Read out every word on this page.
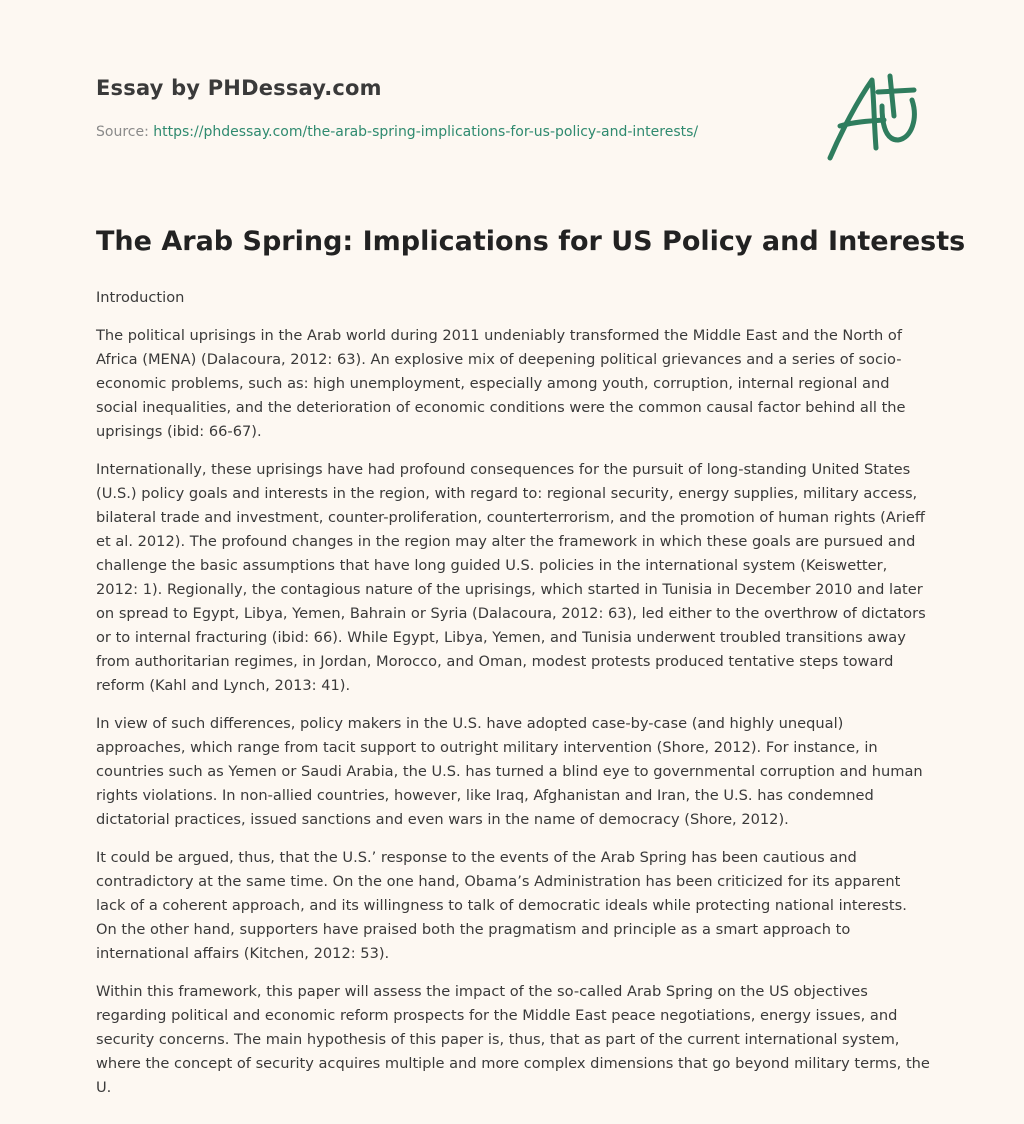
Essay by PHDessay.com
Source: https://phdessay.com/the-arab-spring-implications-for-us-policy-and-interests/
The Arab Spring: Implications for US Policy and Interests

Introduction

The political uprisings in the Arab world during 2011 undeniably transformed the Middle East and the North of Africa (MENA) (Dalacoura, 2012: 63). An explosive mix of deepening political grievances and a series of socio-economic problems, such as: high unemployment, especially among youth, corruption, internal regional and social inequalities, and the deterioration of economic conditions were the common causal factor behind all the uprisings (ibid: 66-67).

Internationally, these uprisings have had profound consequences for the pursuit of long-standing United States (U.S.) policy goals and interests in the region, with regard to: regional security, energy supplies, military access, bilateral trade and investment, counter-proliferation, counterterrorism, and the promotion of human rights (Arieff et al. 2012). The profound changes in the region may alter the framework in which these goals are pursued and challenge the basic assumptions that have long guided U.S. policies in the international system (Keiswetter, 2012: 1). Regionally, the contagious nature of the uprisings, which started in Tunisia in December 2010 and later on spread to Egypt, Libya, Yemen, Bahrain or Syria (Dalacoura, 2012: 63), led either to the overthrow of dictators or to internal fracturing (ibid: 66). While Egypt, Libya, Yemen, and Tunisia underwent troubled transitions away from authoritarian regimes, in Jordan, Morocco, and Oman, modest protests produced tentative steps toward reform (Kahl and Lynch, 2013: 41).

In view of such differences, policy makers in the U.S. have adopted case-by-case (and highly unequal) approaches, which range from tacit support to outright military intervention (Shore, 2012). For instance, in countries such as Yemen or Saudi Arabia, the U.S. has turned a blind eye to governmental corruption and human rights violations. In non-allied countries, however, like Iraq, Afghanistan and Iran, the U.S. has condemned dictatorial practices, issued sanctions and even wars in the name of democracy (Shore, 2012).

It could be argued, thus, that the U.S.’ response to the events of the Arab Spring has been cautious and contradictory at the same time. On the one hand, Obama’s Administration has been criticized for its apparent lack of a coherent approach, and its willingness to talk of democratic ideals while protecting national interests. On the other hand, supporters have praised both the pragmatism and principle as a smart approach to international affairs (Kitchen, 2012: 53).

Within this framework, this paper will assess the impact of the so-called Arab Spring on the US objectives regarding political and economic reform prospects for the Middle East peace negotiations, energy issues, and security concerns. The main hypothesis of this paper is, thus, that as part of the current international system, where the concept of security acquires multiple and more complex dimensions that go beyond military terms, the U.
